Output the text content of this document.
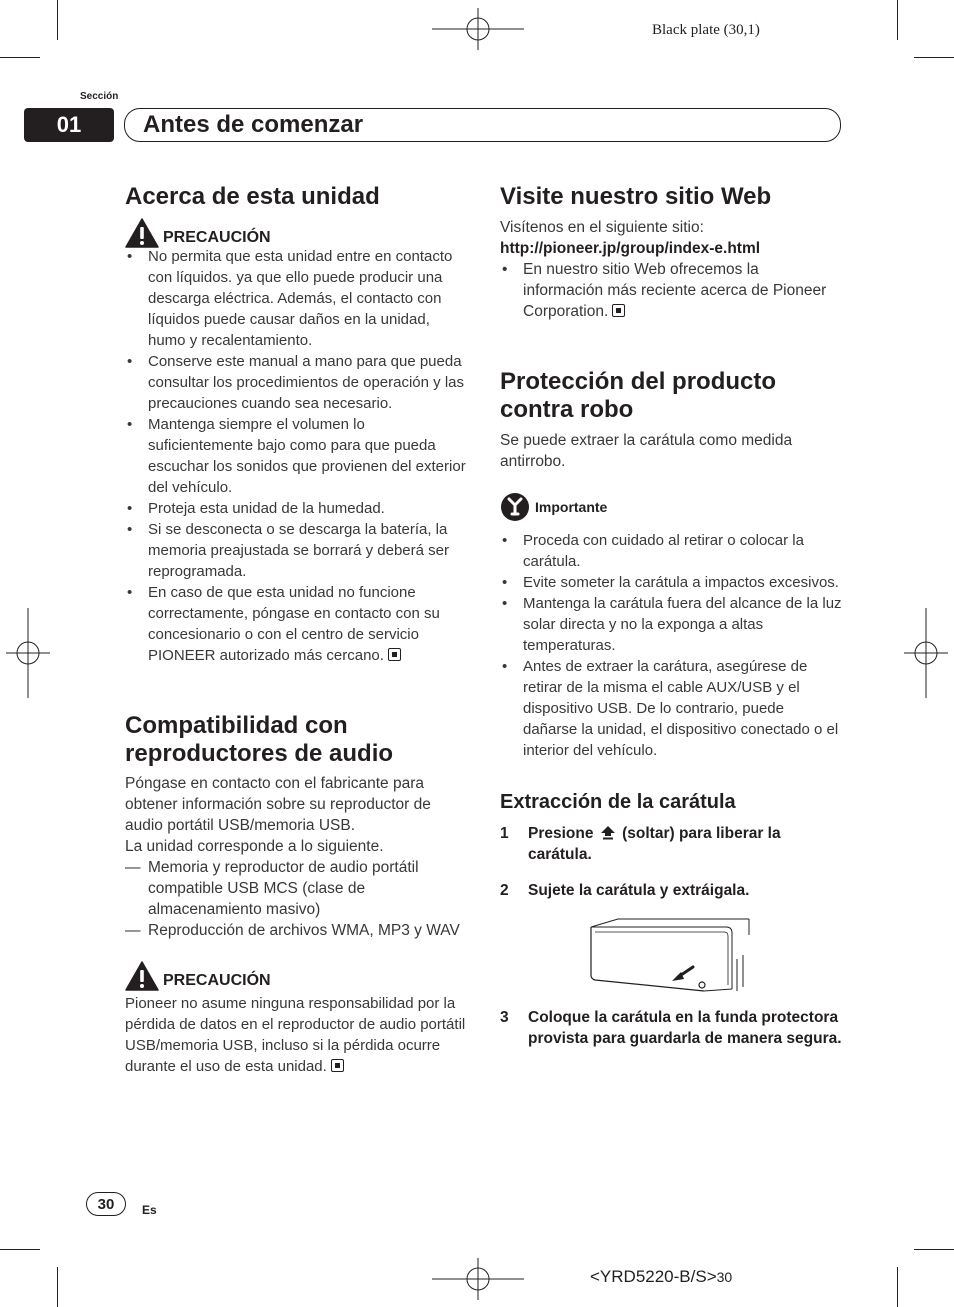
Black plate (30,1)
Sección
01	Antes de comenzar
Acerca de esta unidad
PRECAUCIÓN
• No permita que esta unidad entre en contacto con líquidos. ya que ello puede producir una descarga eléctrica. Además, el contacto con líquidos puede causar daños en la unidad, humo y recalentamiento.
• Conserve este manual a mano para que pueda consultar los procedimientos de operación y las precauciones cuando sea necesario.
• Mantenga siempre el volumen lo suficientemente bajo como para que pueda escuchar los sonidos que provienen del exterior del vehículo.
• Proteja esta unidad de la humedad.
• Si se desconecta o se descarga la batería, la memoria preajustada se borrará y deberá ser reprogramada.
• En caso de que esta unidad no funcione correctamente, póngase en contacto con su concesionario o con el centro de servicio PIONEER autorizado más cercano.
Compatibilidad con reproductores de audio
Póngase en contacto con el fabricante para obtener información sobre su reproductor de audio portátil USB/memoria USB.
La unidad corresponde a lo siguiente.
— Memoria y reproductor de audio portátil compatible USB MCS (clase de almacenamiento masivo)
— Reproducción de archivos WMA, MP3 y WAV
PRECAUCIÓN
Pioneer no asume ninguna responsabilidad por la pérdida de datos en el reproductor de audio portátil USB/memoria USB, incluso si la pérdida ocurre durante el uso de esta unidad.
Visite nuestro sitio Web
Visítenos en el siguiente sitio:
http://pioneer.jp/group/index-e.html
• En nuestro sitio Web ofrecemos la información más reciente acerca de Pioneer Corporation.
Protección del producto contra robo
Se puede extraer la carátula como medida antirrobo.
Importante
• Proceda con cuidado al retirar o colocar la carátula.
• Evite someter la carátula a impactos excesivos.
• Mantenga la carátula fuera del alcance de la luz solar directa y no la exponga a altas temperaturas.
• Antes de extraer la carátura, asegúrese de retirar de la misma el cable AUX/USB y el dispositivo USB. De lo contrario, puede dañarse la unidad, el dispositivo conectado o el interior del vehículo.
Extracción de la carátula
1	Presione (soltar) para liberar la carátula.
2	Sujete la carátula y extráigala.
3	Coloque la carátula en la funda protectora provista para guardarla de manera segura.
30	Es
<YRD5220-B/S>30
